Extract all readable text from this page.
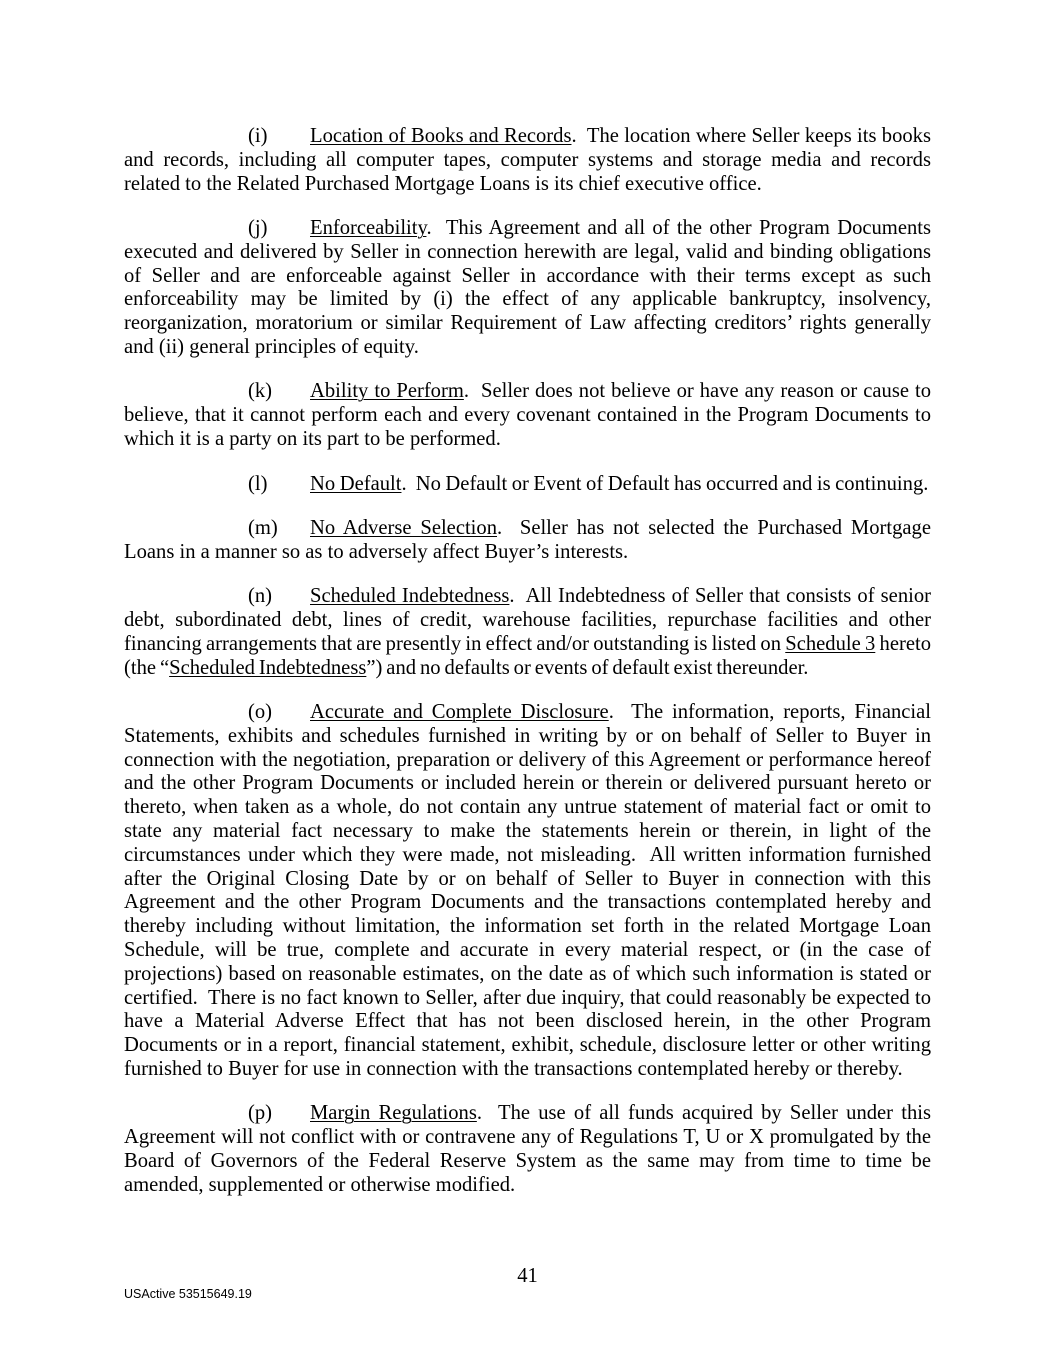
(i) Location of Books and Records.  The location where Seller keeps its books and records, including all computer tapes, computer systems and storage media and records related to the Related Purchased Mortgage Loans is its chief executive office.

(j) Enforceability.  This Agreement and all of the other Program Documents executed and delivered by Seller in connection herewith are legal, valid and binding obligations of Seller and are enforceable against Seller in accordance with their terms except as such enforceability may be limited by (i) the effect of any applicable bankruptcy, insolvency, reorganization, moratorium or similar Requirement of Law affecting creditors’ rights generally and (ii) general principles of equity.

(k) Ability to Perform.  Seller does not believe or have any reason or cause to believe, that it cannot perform each and every covenant contained in the Program Documents to which it is a party on its part to be performed.

(l) No Default.  No Default or Event of Default has occurred and is continuing.

(m) No Adverse Selection.  Seller has not selected the Purchased Mortgage Loans in a manner so as to adversely affect Buyer’s interests.

(n) Scheduled Indebtedness.  All Indebtedness of Seller that consists of senior debt, subordinated debt, lines of credit, warehouse facilities, repurchase facilities and other financing arrangements that are presently in effect and/or outstanding is listed on Schedule 3 hereto (the “Scheduled Indebtedness”) and no defaults or events of default exist thereunder.

(o) Accurate and Complete Disclosure.  The information, reports, Financial Statements, exhibits and schedules furnished in writing by or on behalf of Seller to Buyer in connection with the negotiation, preparation or delivery of this Agreement or performance hereof and the other Program Documents or included herein or therein or delivered pursuant hereto or thereto, when taken as a whole, do not contain any untrue statement of material fact or omit to state any material fact necessary to make the statements herein or therein, in light of the circumstances under which they were made, not misleading.  All written information furnished after the Original Closing Date by or on behalf of Seller to Buyer in connection with this Agreement and the other Program Documents and the transactions contemplated hereby and thereby including without limitation, the information set forth in the related Mortgage Loan Schedule, will be true, complete and accurate in every material respect, or (in the case of projections) based on reasonable estimates, on the date as of which such information is stated or certified.  There is no fact known to Seller, after due inquiry, that could reasonably be expected to have a Material Adverse Effect that has not been disclosed herein, in the other Program Documents or in a report, financial statement, exhibit, schedule, disclosure letter or other writing furnished to Buyer for use in connection with the transactions contemplated hereby or thereby.

(p) Margin Regulations.  The use of all funds acquired by Seller under this Agreement will not conflict with or contravene any of Regulations T, U or X promulgated by the Board of Governors of the Federal Reserve System as the same may from time to time be amended, supplemented or otherwise modified.

41
USActive 53515649.19
